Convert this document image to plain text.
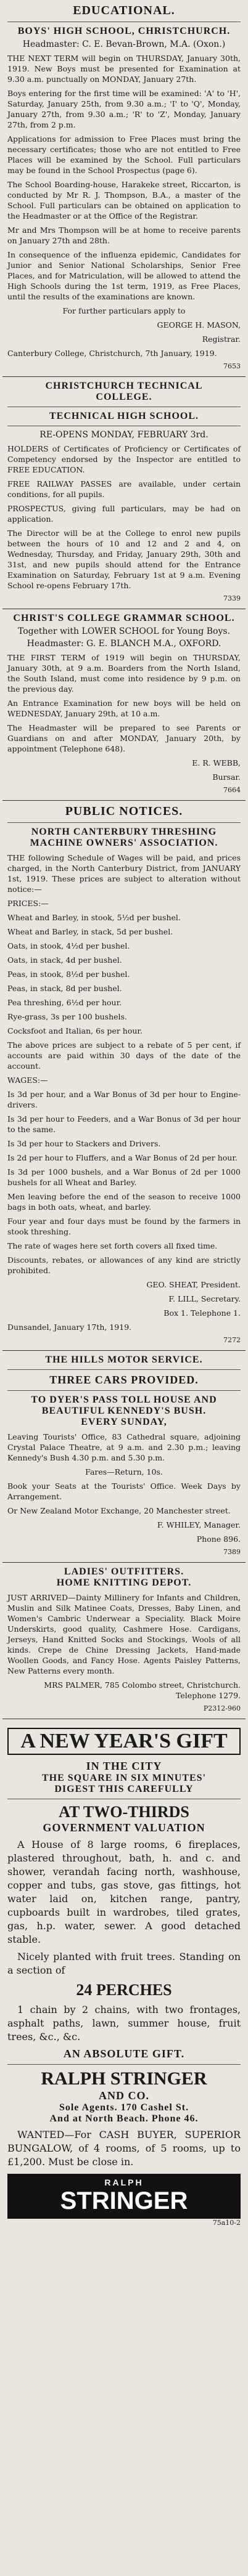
EDUCATIONAL.
BOYS' HIGH SCHOOL, CHRISTCHURCH.
Headmaster: C. E. Bevan-Brown, M.A. (Oxon.)

THE NEXT TERM will begin on THURSDAY, January 30th, 1919. New Boys must be presented for Examination at 9.30 a.m. punctually on MONDAY, January 27th.

Boys entering for the first time will be examined: 'A' to 'H', Saturday, January 25th, from 9.30 a.m.; 'I' to 'Q', Monday, January 27th, from 9.30 a.m.; 'R' to 'Z', Monday, January 27th, from 2 p.m.

Applications for admission to Free Places must bring the necessary certificates; those who are not entitled to Free Places will be examined by the School. Full particulars may be found in the School Prospectus (page 6).

The School Boarding-house, Harakeke street, Riccarton, is conducted by Mr R. J. Thompson, B.A., a master of the School. Full particulars can be obtained on application to the Headmaster or at the Office of the Registrar.

Mr and Mrs Thompson will be at home to receive parents on January 27th and 28th.

In consequence of the influenza epidemic, Candidates for Junior and Senior National Scholarships, Senior Free Places, and for Matriculation, will be allowed to attend the High Schools during the 1st term, 1919, as Free Places, until the results of the examinations are known.

For further particulars apply to

GEORGE H. MASON,

Registrar.

Canterbury College, Christchurch, 7th January, 1919.

7653
CHRISTCHURCH TECHNICAL
COLLEGE.
TECHNICAL HIGH SCHOOL.
RE-OPENS MONDAY, FEBRUARY 3rd.

HOLDERS of Certificates of Proficiency or Certificates of Competency endorsed by the Inspector are entitled to FREE EDUCATION.

FREE RAILWAY PASSES are available, under certain conditions, for all pupils.

PROSPECTUS, giving full particulars, may be had on application.

The Director will be at the College to enrol new pupils between the hours of 10 and 12 and 2 and 4, on Wednesday, Thursday, and Friday, January 29th, 30th and 31st, and new pupils should attend for the Entrance Examination on Saturday, February 1st at 9 a.m. Evening School re-opens February 17th.

7339
CHRIST'S COLLEGE GRAMMAR SCHOOL.
Together with LOWER SCHOOL for Young Boys.
Headmaster: G. E. BLANCH M.A., OXFORD.

THE FIRST TERM of 1919 will begin on THURSDAY, January 30th, at 9 a.m. Boarders from the North Island, the South Island, must come into residence by 9 p.m. on the previous day.

An Entrance Examination for new boys will be held on WEDNESDAY, January 29th, at 10 a.m.

The Headmaster will be prepared to see Parents or Guardians on and after MONDAY, January 20th, by appointment (Telephone 648).

E. R. WEBB,

Bursar.

7664
PUBLIC NOTICES.
NORTH CANTERBURY THRESHING MACHINE OWNERS' ASSOCIATION.

THE following Schedule of Wages will be paid, and prices charged, in the North Canterbury District, from JANUARY 1st, 1919. These prices are subject to alteration without notice:—

PRICES:—

Wheat and Barley, in stook, 5½d per bushel.

Wheat and Barley, in stack, 5d per bushel.

Oats, in stook, 4½d per bushel.

Oats, in stack, 4d per bushel.

Peas, in stook, 8½d per bushel.

Peas, in stack, 8d per bushel.

Pea threshing, 6½d per hour.

Rye-grass, 3s per 100 bushels.

Cocksfoot and Italian, 6s per hour.

The above prices are subject to a rebate of 5 per cent, if accounts are paid within 30 days of the date of the account.

WAGES:—

Is 3d per hour, and a War Bonus of 3d per hour to Engine-drivers.

Is 3d per hour to Feeders, and a War Bonus of 3d per hour to the same.

Is 3d per hour to Stackers and Drivers.

Is 2d per hour to Fluffers, and a War Bonus of 2d per hour.

Is 3d per 1000 bushels, and a War Bonus of 2d per 1000 bushels for all Wheat and Barley.

Men leaving before the end of the season to receive 1000 bags in both oats, wheat, and barley.

Four year and four days must be found by the farmers in stook threshing.

The rate of wages here set forth covers all fixed time.

Discounts, rebates, or allowances of any kind are strictly prohibited.

GEO. SHEAT, President.

F. LILL, Secretary.

Box 1. Telephone 1.

Dunsandel, January 17th, 1919.

7272
THE HILLS MOTOR SERVICE.
THREE CARS PROVIDED.
TO DYER'S PASS TOLL HOUSE AND BEAUTIFUL KENNEDY'S BUSH.
EVERY SUNDAY,

Leaving Tourists' Office, 83 Cathedral square, adjoining Crystal Palace Theatre, at 9 a.m. and 2.30 p.m.; leaving Kennedy's Bush 4.30 p.m. and 5.30 p.m.

Fares—Return, 10s.

Book your Seats at the Tourists' Office. Week Days by Arrangement.

Or New Zealand Motor Exchange, 20 Manchester street.

F. WHILEY, Manager.

Phone 896.

7389
LADIES' OUTFITTERS.
HOME KNITTING DEPOT.

JUST ARRIVED—Dainty Millinery for Infants and Children, Muslin and Silk Matinee Coats, Dresses, Baby Linen, and Women's Cambric Underwear a Speciality. Black Moire Underskirts, good quality, Cashmere Hose. Cardigans, Jerseys, Hand Knitted Socks and Stockings, Wools of all kinds. Crepe de Chine Dressing Jackets, Hand-made Woollen Goods, and Fancy Hose. Agents Paisley Patterns, New Patterns every month.

MRS PALMER, 785 Colombo street, Christchurch. Telephone 1279.

P2312-960
A NEW YEAR'S GIFT
IN THE CITY
THE SQUARE IN SIX MINUTES'
DIGEST THIS CAREFULLY
AT TWO-THIRDS
GOVERNMENT VALUATION

A House of 8 large rooms, 6 fireplaces, plastered throughout, bath, h. and c. and shower, verandah facing north, washhouse, copper and tubs, gas stove, gas fittings, hot water laid on, kitchen range, pantry, cupboards built in wardrobes, tiled grates, gas, h.p. water, sewer. A good detached stable.

Nicely planted with fruit trees. Standing on a section of

24 PERCHES

1 chain by 2 chains, with two frontages, asphalt paths, lawn, summer house, fruit trees, &c., &c.

AN ABSOLUTE GIFT.
RALPH STRINGER
AND CO.
Sole Agents. 170 Cashel St.
And at North Beach. Phone 46.

WANTED—For CASH BUYER, SUPERIOR BUNGALOW, of 4 rooms, of 5 rooms, up to £1,200. Must be close in.

RALPH
STRINGER
75a10-2
